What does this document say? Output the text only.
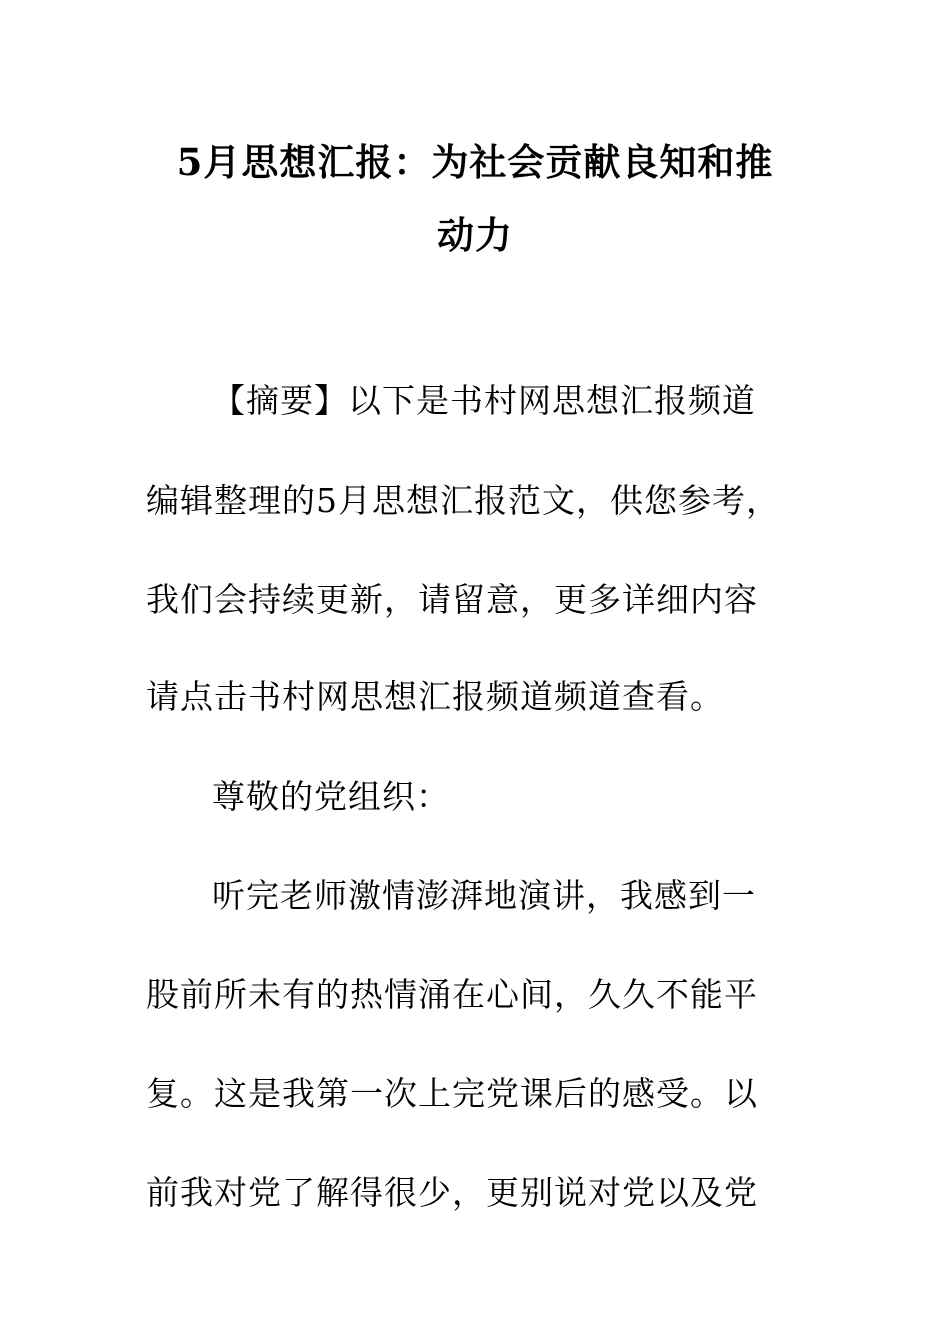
5月思想汇报：为社会贡献良知和推
动力
【摘要】以下是书村网思想汇报频道
编辑整理的5月思想汇报范文，供您参考，
我们会持续更新，请留意，更多详细内容
请点击书村网思想汇报频道频道查看。
尊敬的党组织：
听完老师激情澎湃地演讲，我感到一
股前所未有的热情涌在心间，久久不能平
复。这是我第一次上完党课后的感受。以
前我对党了解得很少，更别说对党以及党
